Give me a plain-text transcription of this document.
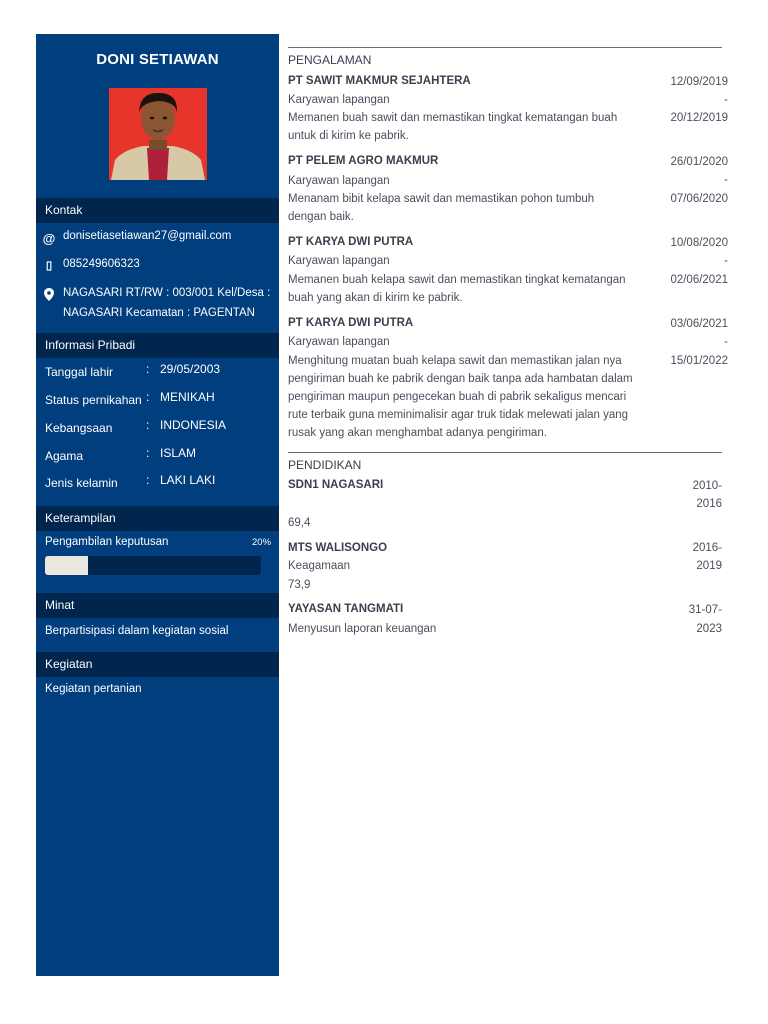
DONI SETIAWAN
Kontak
@ donisetiasetiawan27@gmail.com
▯ 085249606323
NAGASARI RT/RW : 003/001 Kel/Desa :
NAGASARI Kecamatan : PAGENTAN
Informasi Pribadi
Tanggal lahir	: 29/05/2003
Status pernikahan : MENIKAH
Kebangsaan	: INDONESIA
Agama	: ISLAM
Jenis kelamin : LAKI LAKI
Keterampilan
Pengambilan keputusan	20%
Minat
Berpartisipasi dalam kegiatan sosial
Kegiatan
Kegiatan pertanian
PENGALAMAN
PT SAWIT MAKMUR SEJAHTERA
Karyawan lapangan
Memanen buah sawit dan memastikan tingkat kematangan buah
untuk di kirim ke pabrik.
12/09/2019
-
20/12/2019
PT PELEM AGRO MAKMUR
Karyawan lapangan
Menanam bibit kelapa sawit dan memastikan pohon tumbuh
dengan baik.
26/01/2020
-
07/06/2020
PT KARYA DWI PUTRA
Karyawan lapangan
Memanen buah kelapa sawit dan memastikan tingkat kematangan
buah yang akan di kirim ke pabrik.
10/08/2020
-
02/06/2021
PT KARYA DWI PUTRA
Karyawan lapangan
Menghitung muatan buah kelapa sawit dan memastikan jalan nya
pengiriman buah ke pabrik dengan baik tanpa ada hambatan dalam
pengiriman maupun pengecekan buah di pabrik sekaligus mencari
rute terbaik guna meminimalisir agar truk tidak melewati jalan yang
rusak yang akan menghambat adanya pengiriman.
03/06/2021
-
15/01/2022
PENDIDIKAN
SDN1 NAGASARI
69,4
2010-
2016
MTS WALISONGO
Keagamaan
73,9
2016-
2019
YAYASAN TANGMATI
Menyusun laporan keuangan
31-07-
2023
